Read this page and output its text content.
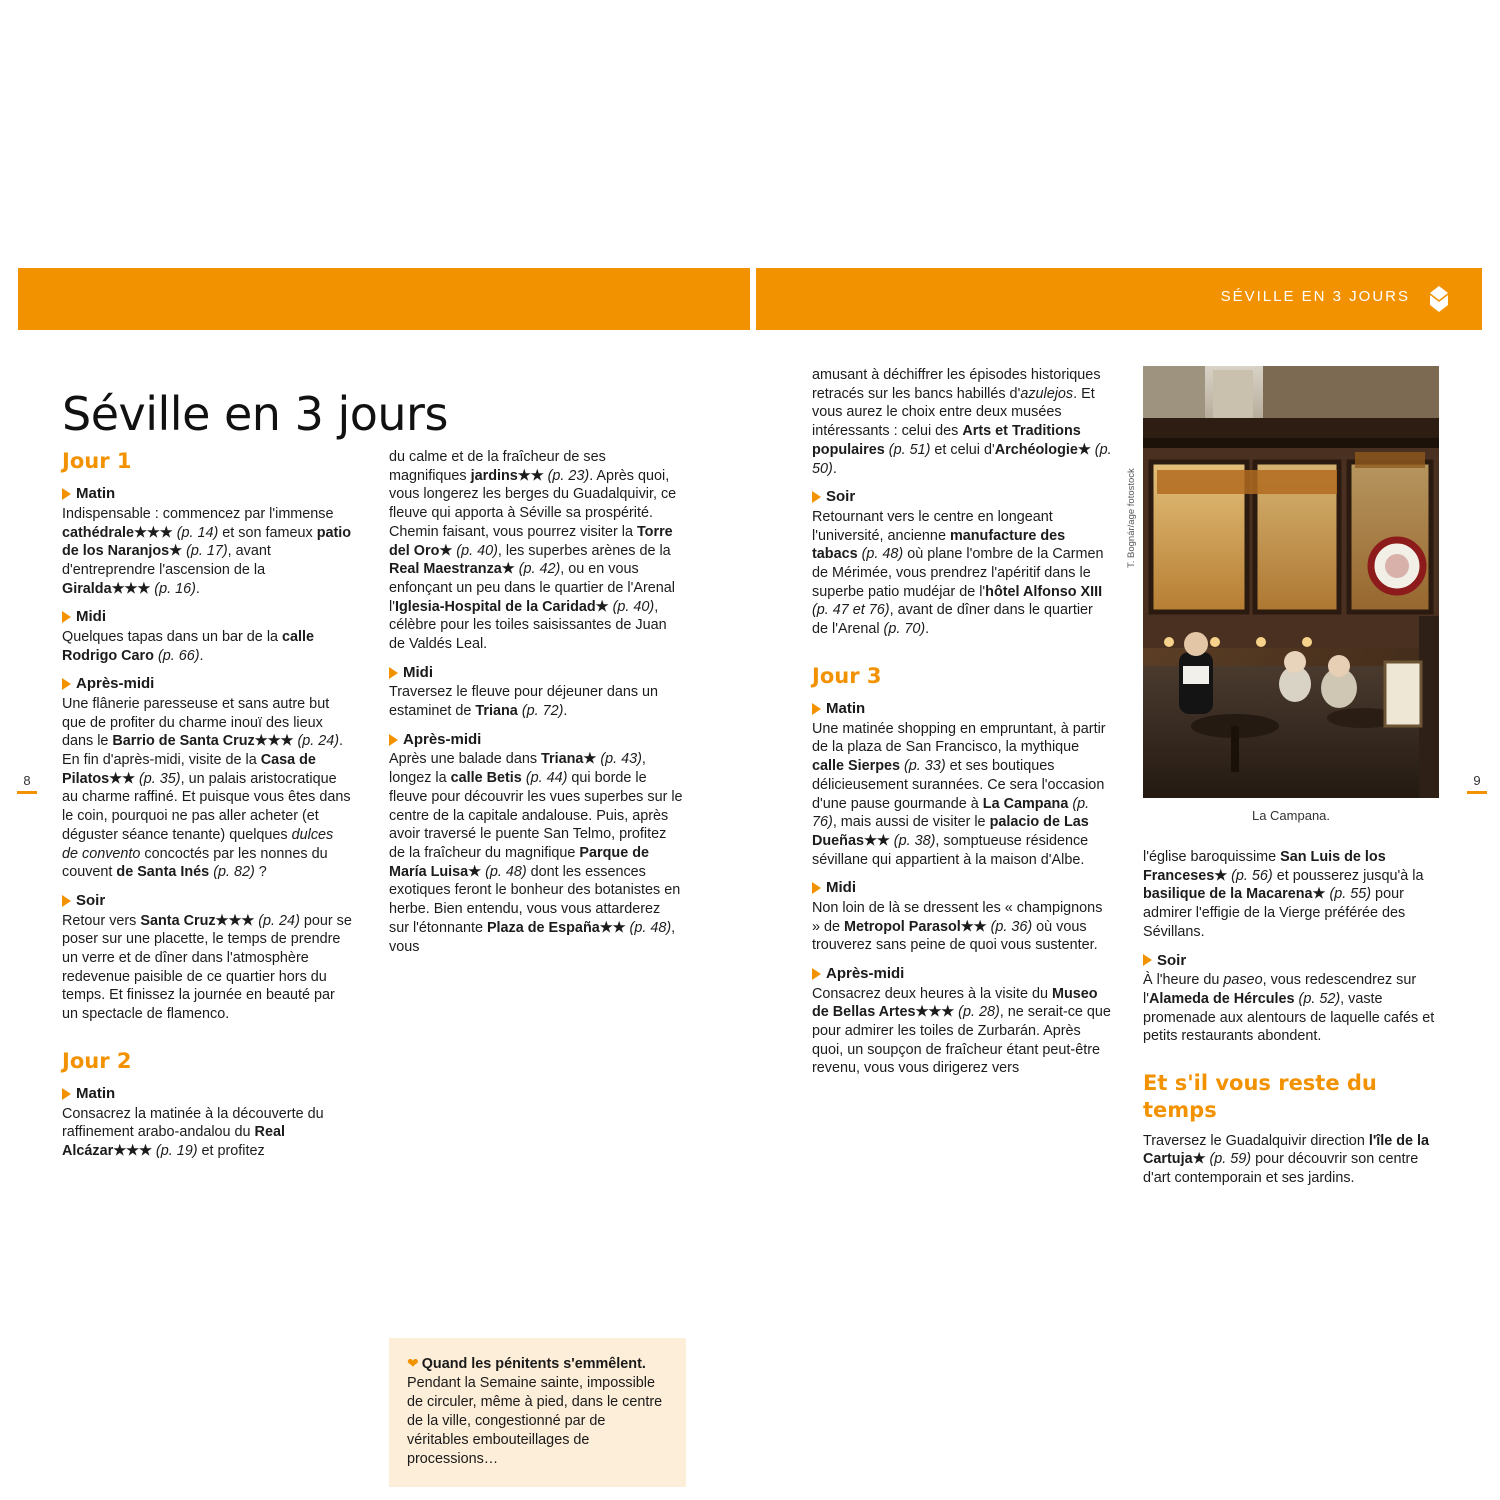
SÉVILLE EN 3 JOURS
8	9
Séville en 3 jours
Jour 1
Matin

Indispensable : commencez par l'immense cathédrale★★★ (p. 14) et son fameux patio de los Naranjos★ (p. 17), avant d'entreprendre l'ascension de la Giralda★★★ (p. 16).

Midi

Quelques tapas dans un bar de la calle Rodrigo Caro (p. 66).

Après-midi

Une flânerie paresseuse et sans autre but que de profiter du charme inouï des lieux dans le Barrio de Santa Cruz★★★ (p. 24). En fin d'après-midi, visite de la Casa de Pilatos★★ (p. 35), un palais aristocratique au charme raffiné. Et puisque vous êtes dans le coin, pourquoi ne pas aller acheter (et déguster séance tenante) quelques dulces de convento concoctés par les nonnes du couvent de Santa Inés (p. 82) ?

Soir

Retour vers Santa Cruz★★★ (p. 24) pour se poser sur une placette, le temps de prendre un verre et de dîner dans l'atmosphère redevenue paisible de ce quartier hors du temps. Et finissez la journée en beauté par un spectacle de flamenco.

Jour 2
Matin

Consacrez la matinée à la découverte du raffinement arabo-andalou du Real Alcázar★★★ (p. 19) et profitez

du calme et de la fraîcheur de ses magnifiques jardins★★ (p. 23). Après quoi, vous longerez les berges du Guadalquivir, ce fleuve qui apporta à Séville sa prospérité. Chemin faisant, vous pourrez visiter la Torre del Oro★ (p. 40), les superbes arènes de la Real Maestranza★ (p. 42), ou en vous enfonçant un peu dans le quartier de l'Arenal l'Iglesia-Hospital de la Caridad★ (p. 40), célèbre pour les toiles saisissantes de Juan de Valdés Leal.

Midi

Traversez le fleuve pour déjeuner dans un estaminet de Triana (p. 72).

Après-midi

Après une balade dans Triana★ (p. 43), longez la calle Betis (p. 44) qui borde le fleuve pour découvrir les vues superbes sur le centre de la capitale andalouse. Puis, après avoir traversé le puente San Telmo, profitez de la fraîcheur du magnifique Parque de María Luisa★ (p. 48) dont les essences exotiques feront le bonheur des botanistes en herbe. Bien entendu, vous vous attarderez sur l'étonnante Plaza de España★★ (p. 48), vous

❤ Quand les pénitents s'emmêlent. Pendant la Semaine sainte, impossible de circuler, même à pied, dans le centre de la ville, congestionné par de véritables embouteillages de processions…

amusant à déchiffrer les épisodes historiques retracés sur les bancs habillés d'azulejos. Et vous aurez le choix entre deux musées intéressants : celui des Arts et Traditions populaires (p. 51) et celui d'Archéologie★ (p. 50).

Soir

Retournant vers le centre en longeant l'université, ancienne manufacture des tabacs (p. 48) où plane l'ombre de la Carmen de Mérimée, vous prendrez l'apéritif dans le superbe patio mudéjar de l'hôtel Alfonso XIII (p. 47 et 76), avant de dîner dans le quartier de l'Arenal (p. 70).

Jour 3
Matin

Une matinée shopping en empruntant, à partir de la plaza de San Francisco, la mythique calle Sierpes (p. 33) et ses boutiques délicieusement surannées. Ce sera l'occasion d'une pause gourmande à La Campana (p. 76), mais aussi de visiter le palacio de Las Dueñas★★ (p. 38), somptueuse résidence sévillane qui appartient à la maison d'Albe.

Midi

Non loin de là se dressent les « champignons » de Metropol Parasol★★ (p. 36) où vous trouverez sans peine de quoi vous sustenter.

Après-midi

Consacrez deux heures à la visite du Museo de Bellas Artes★★★ (p. 28), ne serait-ce que pour admirer les toiles de Zurbarán. Après quoi, un soupçon de fraîcheur étant peut-être revenu, vous vous dirigerez vers

T. Bognár/age fotostock
La Campana.

l'église baroquissime San Luis de los Franceses★ (p. 56) et pousserez jusqu'à la basilique de la Macarena★ (p. 55) pour admirer l'effigie de la Vierge préférée des Sévillans.

Soir

À l'heure du paseo, vous redescendrez sur l'Alameda de Hércules (p. 52), vaste promenade aux alentours de laquelle cafés et petits restaurants abondent.

Et s'il vous reste du temps

Traversez le Guadalquivir direction l'île de la Cartuja★ (p. 59) pour découvrir son centre d'art contemporain et ses jardins.
